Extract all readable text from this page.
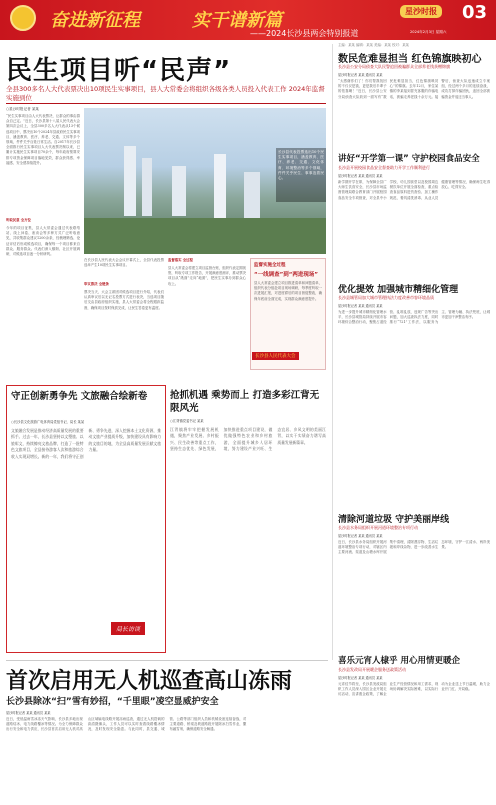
奋进新征程	实干谱新篇
——2024长沙县两会特别报道
星沙时报 03
2024年2月3日 星期六
民生项目听“民声”
全县300多名人大代表票决出10项民生实事项目，县人大常委会将组织各级各类人员投入代表工作 2024年监督实施到位
○星沙时报记者 某某
“民生实事项目由人大代表票决，让群众的事由群众自己定。”近日，长沙县第十八届人民代表大会第四次会议上，全县300多名人大代表从13个候选项目中，票决出10个2024年县政府民生实事项目，涵盖教育、医疗、养老、交通、文体等多个领域，件件关乎百姓日常生活。自2017年长沙县全面推行民生实事项目人大代表票决制以来，已累计实施民生实事项目70余个，每年政府预算安排专项资金保障项目落地见效，群众获得感、幸福感、安全感持续提升。
长沙县代表投票选出10个民生实事项目，涵盖教育、医疗、养老、交通、文化体育、环境整治等多个领域，件件关乎民生、事事连着民心。
听取民意 全方位
今年的项目征集，县人大常委会通过代表联络站、线上问卷、座谈会等多种方式广泛听取意见，共收集群众建议1200余条，经梳理筛选、论证评估后形成候选项目，确保每一个项目都来自群众、服务群众。代表们深入镇街、社区开展调研，对候选项目逐一分析研判。
在长沙县人民代表大会会议开幕式上，全县代表投票选举产生10项民生实事项目。
审议票决 全链条
票决当天，大会主席团对候选项目进行介绍，代表们认真审议后以无记名投票方式进行表决，当选项目随后交由县政府组织实施，县人大常委会将全程跟踪监督，确保项目按时保质完成，让民生答卷更有温度。
监督落实 全过程
县人大常委会将建立项目监督台账，组织代表定期视察，听取专项工作报告，开展满意度测评，推动票决项目从“纸面”走向“地面”，把民生实事办到群众心坎上。
监督实施全过程
“一线调查”到“两进现场”
县人大常委会建立项目推进清单和问题清单，组织代表分组赴项目现场调研，每季度听取一次进展汇报，对进度滞后的项目督促整改，确保年底前全面完成，实现群众满意度提升。
长沙县人民代表大会
守正创新勇争先 文旅融合绘新卷
○长沙县文化旅游广电体育局党组书记、局长 某某
文旅融合发展是推动经济高质量发展的重要抓手。过去一年，长沙县坚持以文塑旅、以旅彰文，持续擦亮文旅品牌，打造了一批特色文旅项目，全县接待游客人次和旅游综合收入实现双增长。新的一年，我们将守正创新、勇争先进，深入挖掘本土文化资源，推动文旅产业提质升级，加快建设具有影响力的文旅目的地，为全县高质量发展贡献文旅力量。
局长访谈
抢抓机遇 乘势而上 打造多彩江背无限风光
○江背镇党委书记 某某
江背镇将牢牢把握发展机遇，聚焦产业发展、乡村振兴、民生改善等重点工作，坚持生态优先、绿色发展，加快推进重点项目建设，做优做强特色农业和乡村旅游，全面提升城乡人居环境，努力建设产业兴旺、生态宜居、乡风文明的美丽江背，以实干实绩奋力谱写高质量发展新篇章。
主编：某某 编辑：某某 美编：某某 校对：某某
数民危难显担当 红色锦旗映初心
长沙县公安分局侦查大队民警追回被骗群众全部养老钱获赠锦旗
星沙时报记者 某某 通讯员 某某
“太感谢你们了！你们帮我找回的不仅仅是钱，更是我后半辈子的依靠啊！”近日，长沙县公安分局侦查大队收到一面写有“数民危难显担当，红色锦旗映初心”的锦旗。去年12月，家住某镇的李某接到冒充客服的诈骗电话，被骗走养老钱十余万元。接警后，侦查大队迅速成立专案组，经过两个多月的连续奋战，成功打掉诈骗团伙，追回全部被骗资金并返还当事人。
讲好“开学第一课” 守护校园食品安全
长沙县开展校园食品安全督查助力开学工作顺利进行
星沙时报记者 某某 通讯员 某某
新学期开学在即，为保障全县广大师生饮食安全，长沙县市场监督管理局联合教育部门开展校园食品安全专项督查，对全县中小学校、幼儿园食堂以及校园周边餐饮单位开展全面检查，重点检查食品原料进货查验、加工操作规范、餐具清洗消毒、从业人员健康管理等情况，确保师生吃得放心、吃得安全。
优化提效 加强城市精细化管理
长沙县城管局加大城市管理执法力度改善市容环境品质
星沙时报记者 某某 通讯员 某某
为进一步提升城市精细化管理水平，长沙县城管局持续开展市容环境综合整治行动，聚焦占道经营、乱堆乱放、违规广告等突出问题，加大巡查执法力度，同时推行“721”工作法，以服务为主、管理为辅、执法兜底，让城市更加干净整洁有序。
清除河道垃圾 守护美丽岸线
长沙县水务局组织开展河道环境整治专项行动
星沙时报记者 某某 通讯员 某某
近日，长沙县水务局组织开展河道环境整治专项行动，对辖区内主要河流、渠道及山塘水库开展集中清理，清除漂浮物、生活垃圾和岸线杂物，进一步改善水生态环境，守护一江清水、两岸美景。
喜乐元宵人棣乎 用心用情更暖企
长沙县发改局开展暖企服务送政策活动
星沙时报记者 某某 通讯员 某某
元宵佳节将至，长沙县发改局组织工作人员深入园区企业开展走访活动，宣讲惠企政策，了解企业生产经营情况和用工需求，现场协调解决实际困难，以实际行动为企业送上节日温暖，助力企业开门红、开局稳。
首次启用无人机巡查高山冻雨
长沙县除冰“扫”雪有妙招，“千里眼”凌空显威护安全
星沙时报记者 某某 通讯员 某某
近日，受低温雨雪冰冻天气影响，长沙县多地出现道路结冰、电力线路覆冰等情况。为全力保障群众出行安全和电力供应，长沙县首次启用无人机对高山区域输电线路开展冻雨巡查，通过无人机搭载的高清摄像头，工作人员可以实时查看线路覆冰情况，及时发现安全隐患。与此同时，县交通、城管、公路等部门组织人员和机械设备连续奋战，对主要道路、桥梁及坡道路段开展除冰扫雪作业，撒布融雪剂，确保道路安全畅通。
